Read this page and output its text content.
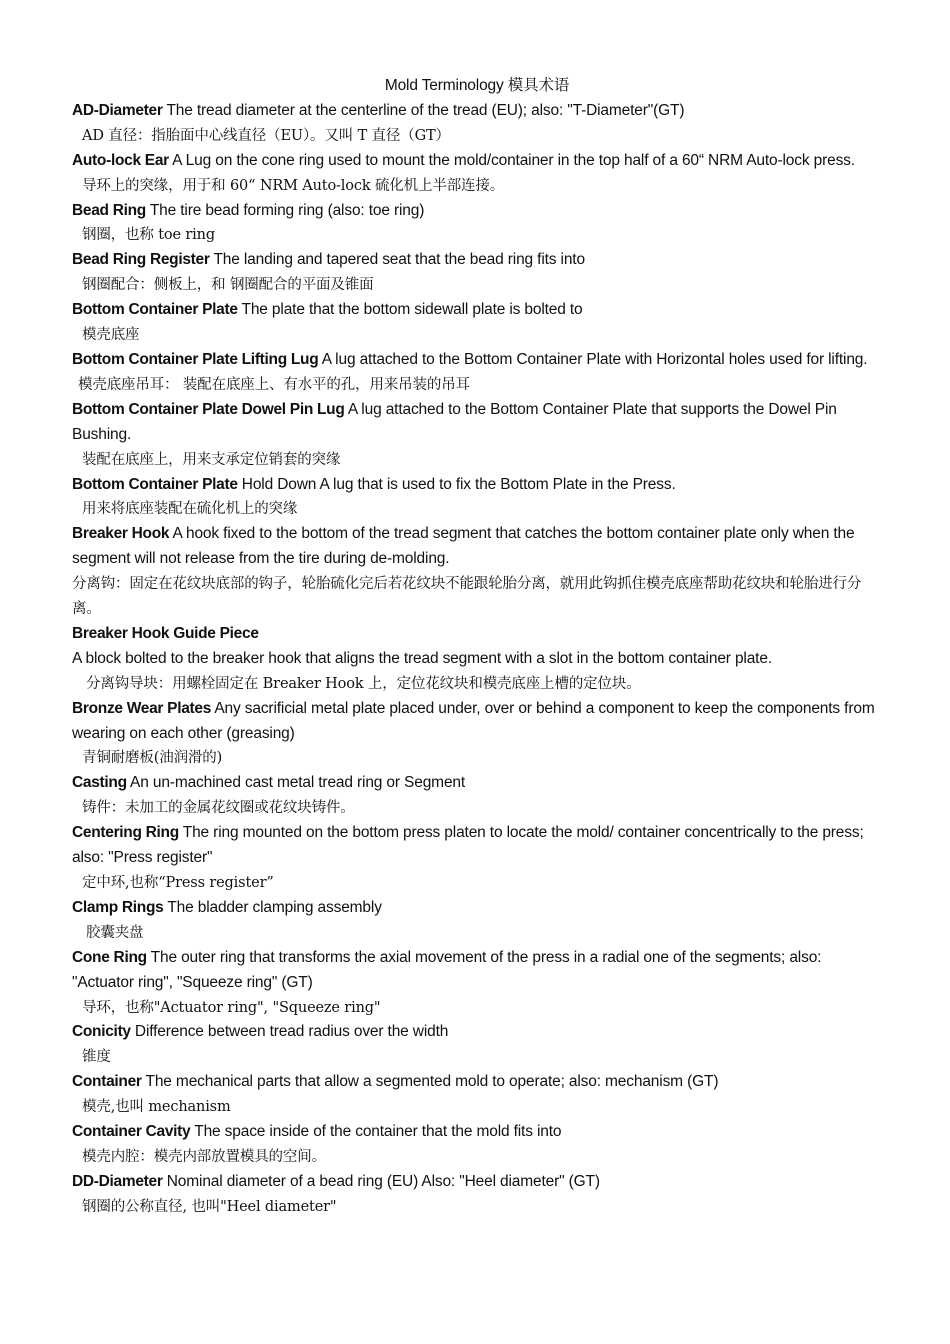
Mold Terminology 模具术语

AD-Diameter The tread diameter at the centerline of the tread (EU); also: "T-Diameter"(GT)

AD 直径：指胎面中心线直径（EU）。又叫 T 直径（GT）

Auto-lock Ear A Lug on the cone ring used to mount the mold/container in the top half of a 60“ NRM Auto-lock press.

导环上的突缘，用于和 60“ NRM Auto-lock 硫化机上半部连接。

Bead Ring The tire bead forming ring (also: toe ring)

钢圈，也称 toe ring

Bead Ring Register The landing and tapered seat that the bead ring fits into

钢圈配合：侧板上，和 钢圈配合的平面及锥面

Bottom Container Plate The plate that the bottom sidewall plate is bolted to

模壳底座

Bottom Container Plate Lifting Lug A lug attached to the Bottom Container Plate with Horizontal holes used for lifting.

模壳底座吊耳： 装配在底座上、有水平的孔，用来吊装的吊耳

Bottom Container Plate Dowel Pin Lug A lug attached to the Bottom Container Plate that supports the Dowel Pin Bushing.

装配在底座上，用来支承定位销套的突缘

Bottom Container Plate Hold Down A lug that is used to fix the Bottom Plate in the Press.

用来将底座装配在硫化机上的突缘

Breaker Hook A hook fixed to the bottom of the tread segment that catches the bottom container plate only when the segment will not release from the tire during de-molding.

分离钩：固定在花纹块底部的钩子，轮胎硫化完后若花纹块不能跟轮胎分离，就用此钩抓住模壳底座帮助花纹块和轮胎进行分离。

Breaker Hook Guide Piece

A block bolted to the breaker hook that aligns the tread segment with a slot in the bottom container plate.

分离钩导块：用螺栓固定在 Breaker Hook 上，定位花纹块和模壳底座上槽的定位块。

Bronze Wear Plates Any sacrificial metal plate placed under, over or behind a component to keep the components from wearing on each other (greasing)

青铜耐磨板(油润滑的)

Casting An un-machined cast metal tread ring or Segment

铸件：未加工的金属花纹圈或花纹块铸件。

Centering Ring The ring mounted on the bottom press platen to locate the mold/ container concentrically to the press; also: "Press register"

定中环,也称“Press register”

Clamp Rings The bladder clamping assembly

胶囊夹盘

Cone Ring The outer ring that transforms the axial movement of the press in a radial one of the segments; also: "Actuator ring", "Squeeze ring" (GT)

导环，也称"Actuator ring", "Squeeze ring"

Conicity Difference between tread radius over the width

锥度

Container The mechanical parts that allow a segmented mold to operate; also: mechanism (GT)

模壳,也叫 mechanism

Container Cavity The space inside of the container that the mold fits into

模壳内腔：模壳内部放置模具的空间。

DD-Diameter Nominal diameter of a bead ring (EU) Also: "Heel diameter" (GT)

钢圈的公称直径, 也叫"Heel diameter"
